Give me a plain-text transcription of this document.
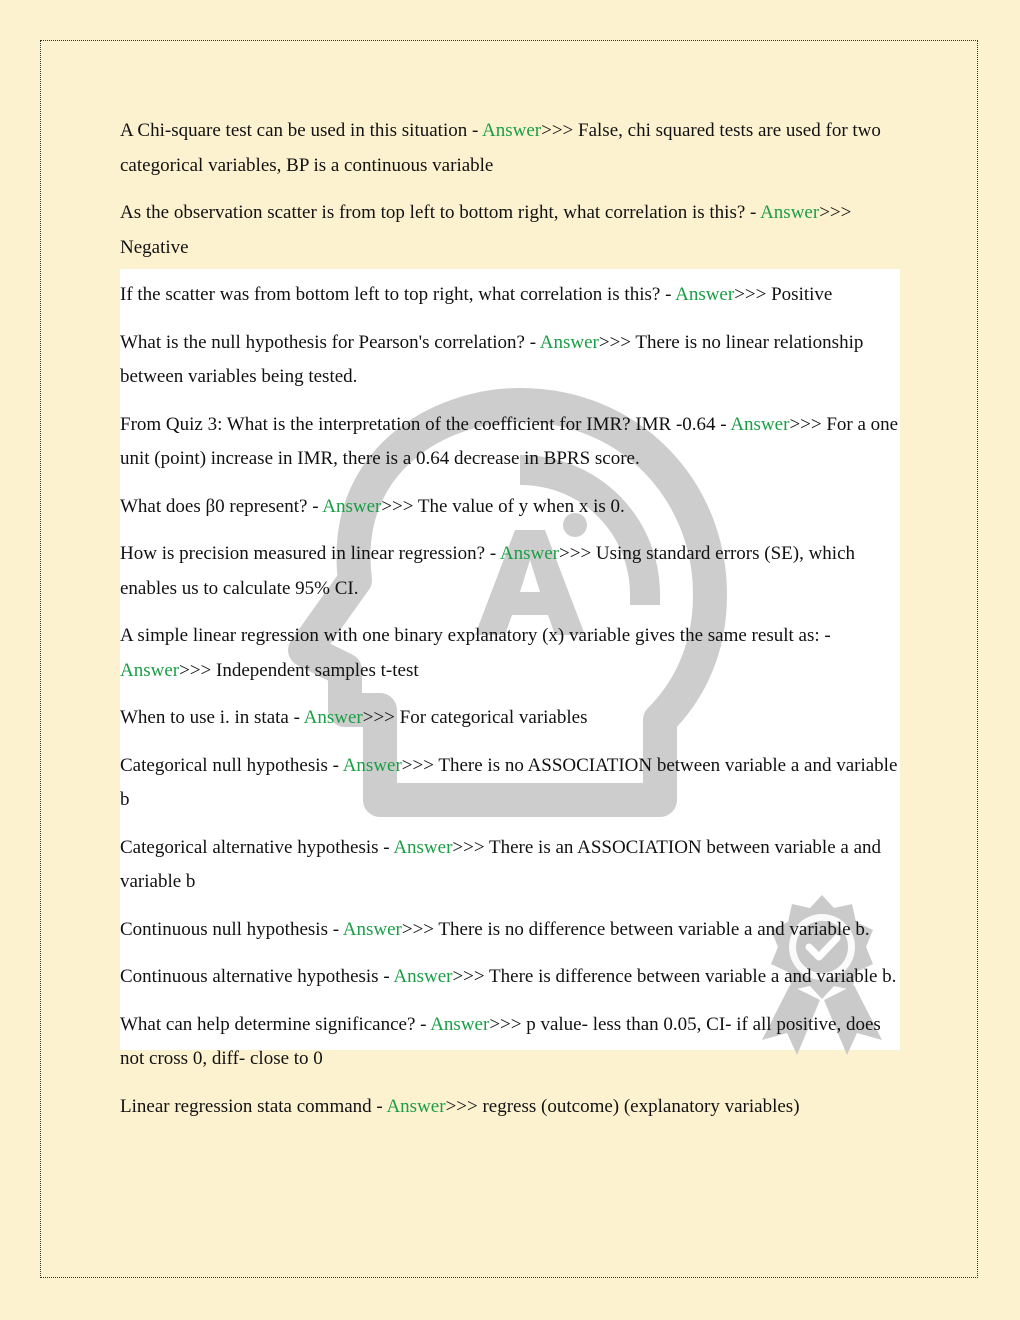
A Chi-square test can be used in this situation - Answer>>> False, chi squared tests are used for two categorical variables, BP is a continuous variable
As the observation scatter is from top left to bottom right, what correlation is this? - Answer>>> Negative
If the scatter was from bottom left to top right, what correlation is this? - Answer>>> Positive
What is the null hypothesis for Pearson's correlation? - Answer>>> There is no linear relationship between variables being tested.
From Quiz 3: What is the interpretation of the coefficient for IMR? IMR -0.64 - Answer>>> For a one unit (point) increase in IMR, there is a 0.64 decrease in BPRS score.
What does β0 represent? - Answer>>> The value of y when x is 0.
How is precision measured in linear regression? - Answer>>> Using standard errors (SE), which enables us to calculate 95% CI.
A simple linear regression with one binary explanatory (x) variable gives the same result as: - Answer>>> Independent samples t-test
When to use i. in stata - Answer>>> For categorical variables
Categorical null hypothesis - Answer>>> There is no ASSOCIATION between variable a and variable b
Categorical alternative hypothesis - Answer>>> There is an ASSOCIATION between variable a and variable b
Continuous null hypothesis - Answer>>> There is no difference between variable a and variable b.
Continuous alternative hypothesis - Answer>>> There is difference between variable a and variable b.
What can help determine significance? - Answer>>> p value- less than 0.05, CI- if all positive, does not cross 0, diff- close to 0
Linear regression stata command - Answer>>> regress (outcome) (explanatory variables)
